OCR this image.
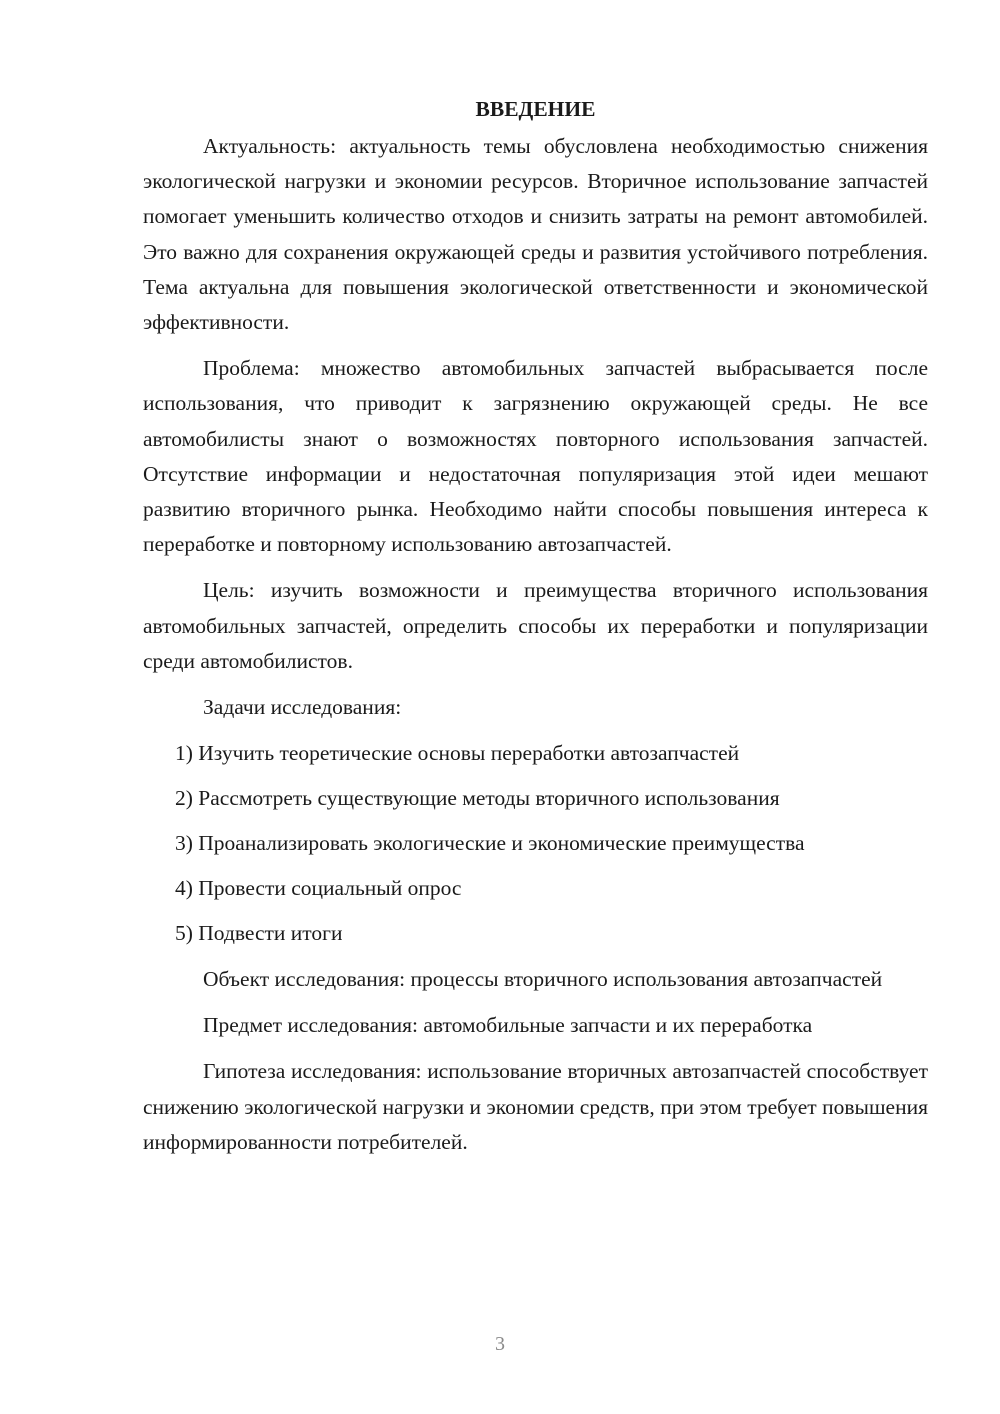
ВВЕДЕНИЕ

Актуальность: актуальность темы обусловлена необходимостью снижения экологической нагрузки и экономии ресурсов. Вторичное использование запчастей помогает уменьшить количество отходов и снизить затраты на ремонт автомобилей. Это важно для сохранения окружающей среды и развития устойчивого потребления. Тема актуальна для повышения экологической ответственности и экономической эффективности.

Проблема: множество автомобильных запчастей выбрасывается после использования, что приводит к загрязнению окружающей среды. Не все автомобилисты знают о возможностях повторного использования запчастей. Отсутствие информации и недостаточная популяризация этой идеи мешают развитию вторичного рынка. Необходимо найти способы повышения интереса к переработке и повторному использованию автозапчастей.

Цель: изучить возможности и преимущества вторичного использования автомобильных запчастей, определить способы их переработки и популяризации среди автомобилистов.

Задачи исследования:
1) Изучить теоретические основы переработки автозапчастей
2) Рассмотреть существующие методы вторичного использования
3) Проанализировать экологические и экономические преимущества
4) Провести социальный опрос
5) Подвести итоги

Объект исследования: процессы вторичного использования автозапчастей

Предмет исследования: автомобильные запчасти и их переработка

Гипотеза исследования: использование вторичных автозапчастей способствует снижению экологической нагрузки и экономии средств, при этом требует повышения информированности потребителей.

3
